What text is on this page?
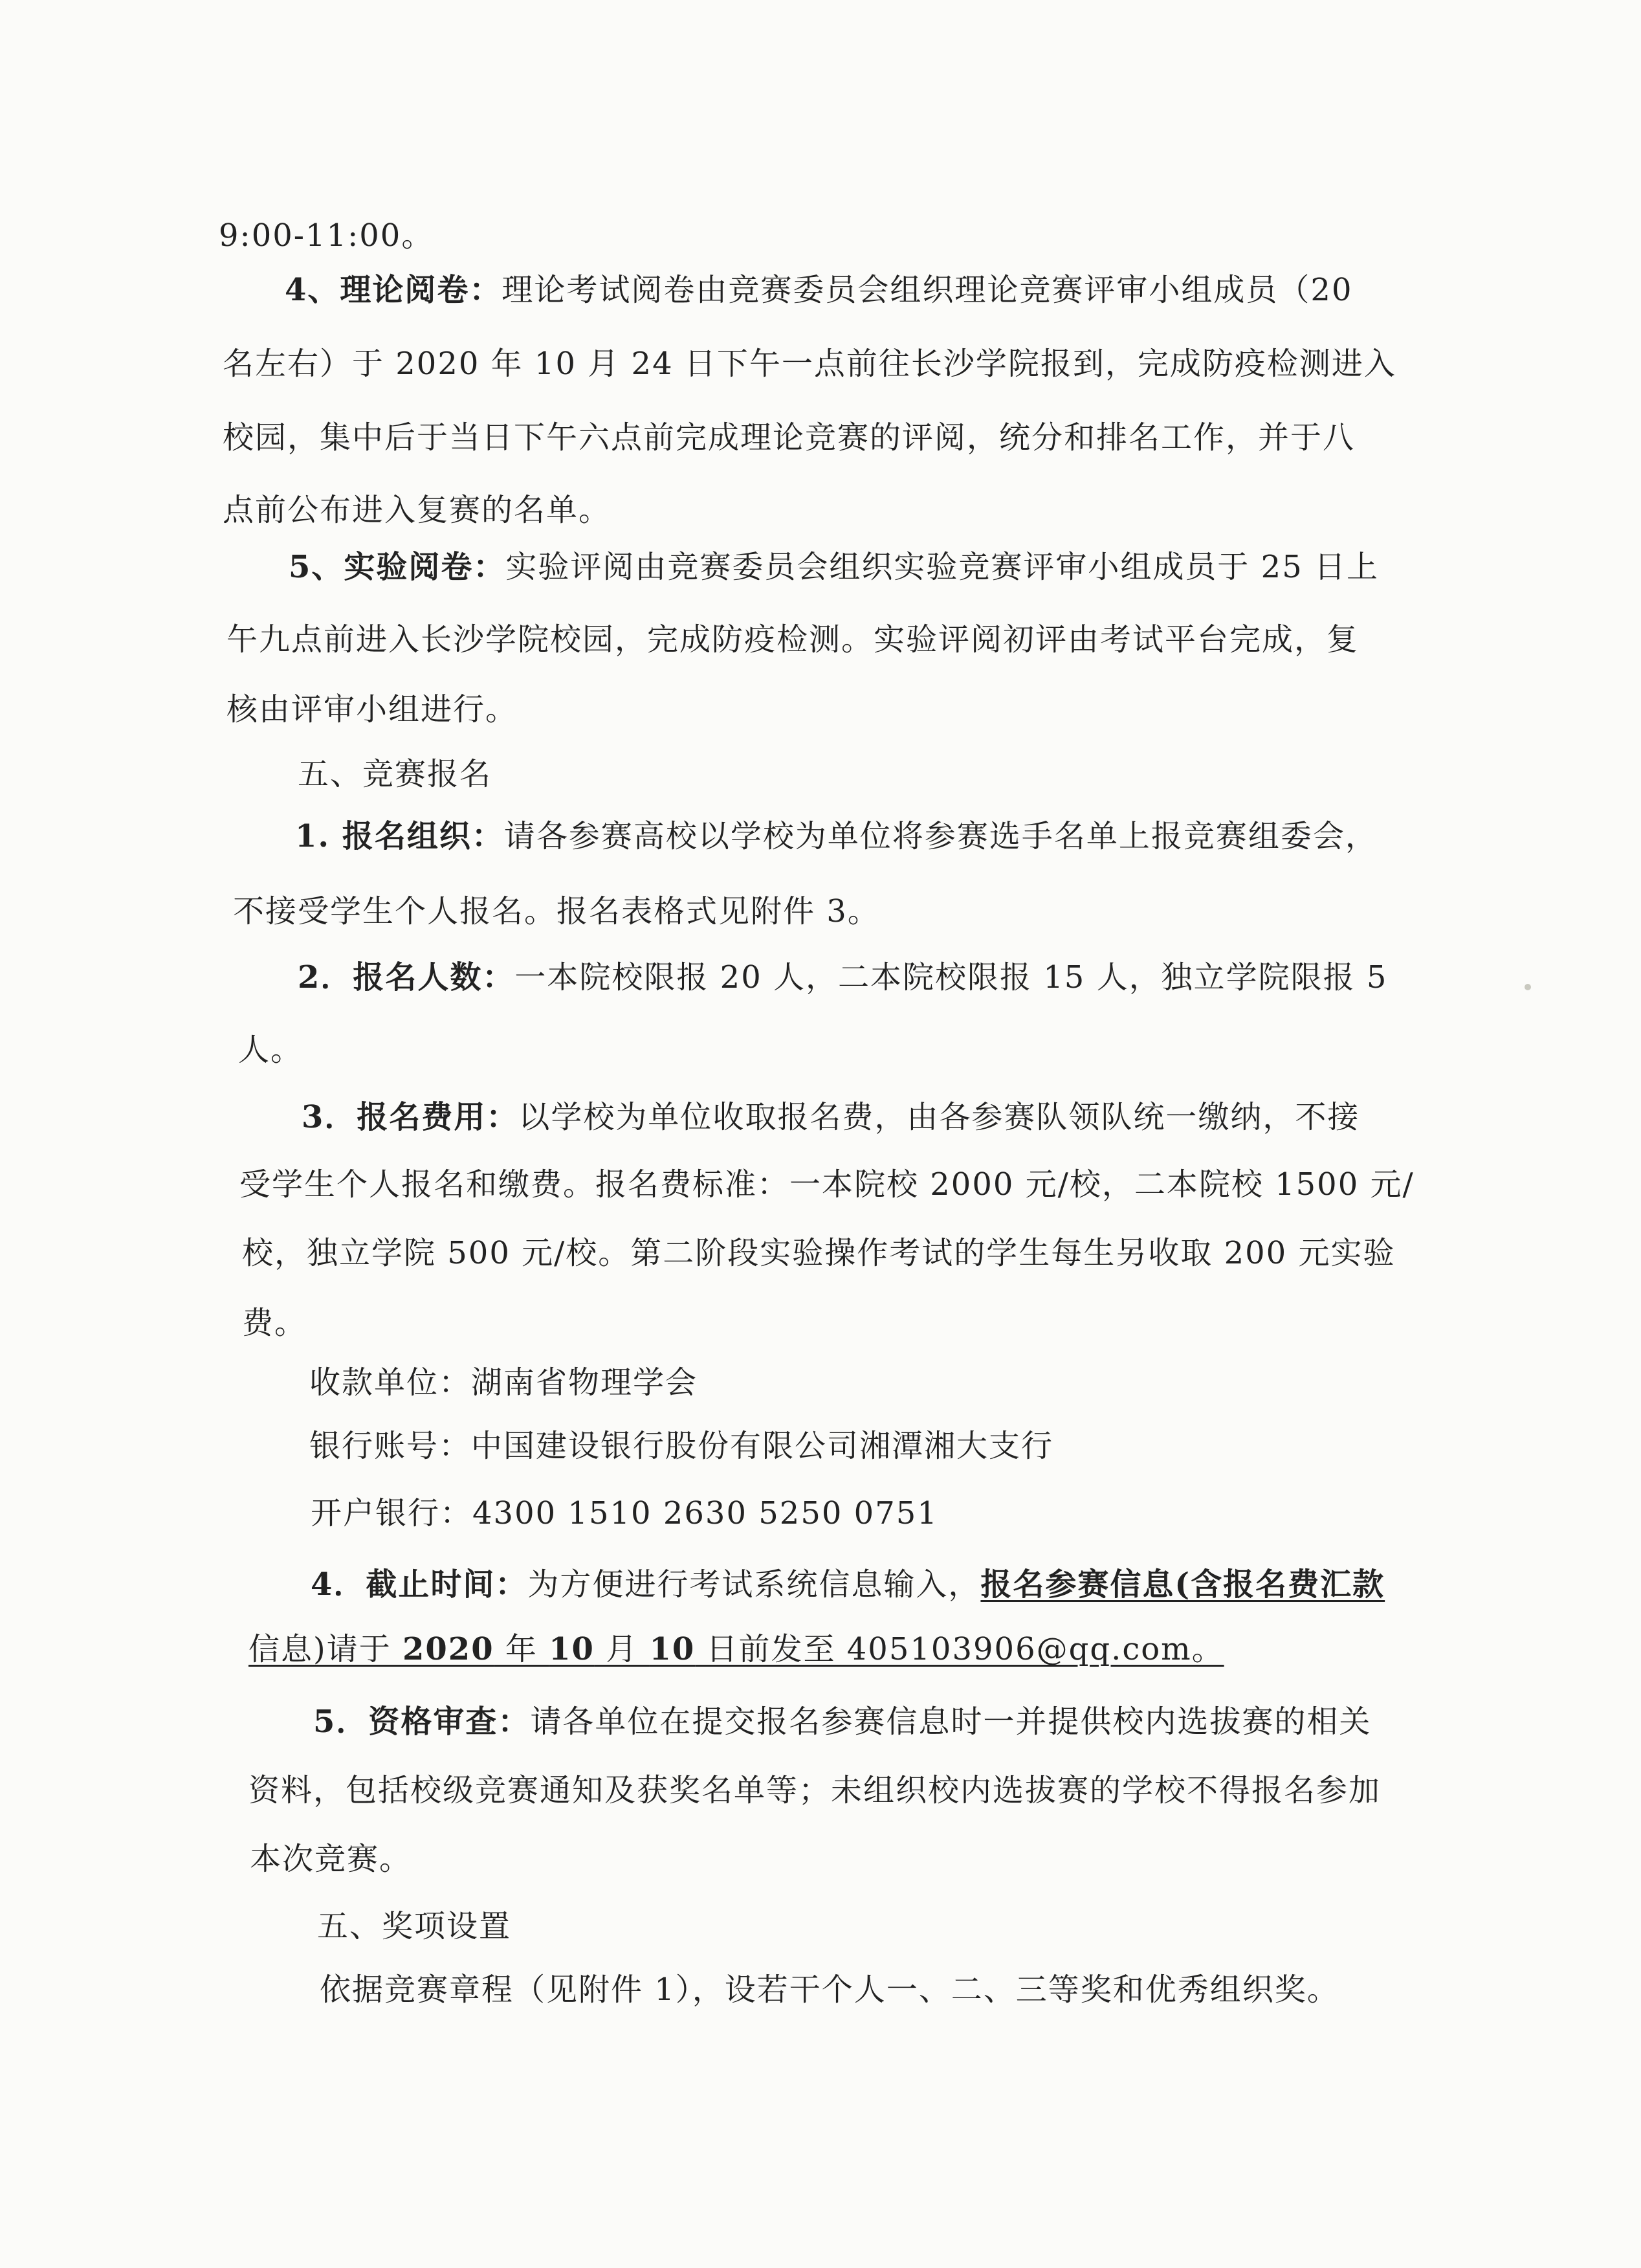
9:00-11:00。
4、理论阅卷：理论考试阅卷由竞赛委员会组织理论竞赛评审小组成员（20
名左右）于 2020 年 10 月 24 日下午一点前往长沙学院报到，完成防疫检测进入
校园，集中后于当日下午六点前完成理论竞赛的评阅，统分和排名工作，并于八
点前公布进入复赛的名单。
5、实验阅卷：实验评阅由竞赛委员会组织实验竞赛评审小组成员于 25 日上
午九点前进入长沙学院校园，完成防疫检测。实验评阅初评由考试平台完成，复
核由评审小组进行。
五、竞赛报名
1. 报名组织：请各参赛高校以学校为单位将参赛选手名单上报竞赛组委会，
不接受学生个人报名。报名表格式见附件 3。
2．报名人数：一本院校限报 20 人，二本院校限报 15 人，独立学院限报 5
人。
3．报名费用：以学校为单位收取报名费，由各参赛队领队统一缴纳，不接
受学生个人报名和缴费。报名费标准：一本院校 2000 元/校，二本院校 1500 元/
校，独立学院 500 元/校。第二阶段实验操作考试的学生每生另收取 200 元实验
费。
收款单位：湖南省物理学会
银行账号：中国建设银行股份有限公司湘潭湘大支行
开户银行：4300 1510 2630 5250 0751
4．截止时间：为方便进行考试系统信息输入，报名参赛信息(含报名费汇款
信息)请于 2020 年 10 月 10 日前发至 405103906@qq.com。
5．资格审查：请各单位在提交报名参赛信息时一并提供校内选拔赛的相关
资料，包括校级竞赛通知及获奖名单等；未组织校内选拔赛的学校不得报名参加
本次竞赛。
五、奖项设置
依据竞赛章程（见附件 1），设若干个人一、二、三等奖和优秀组织奖。
